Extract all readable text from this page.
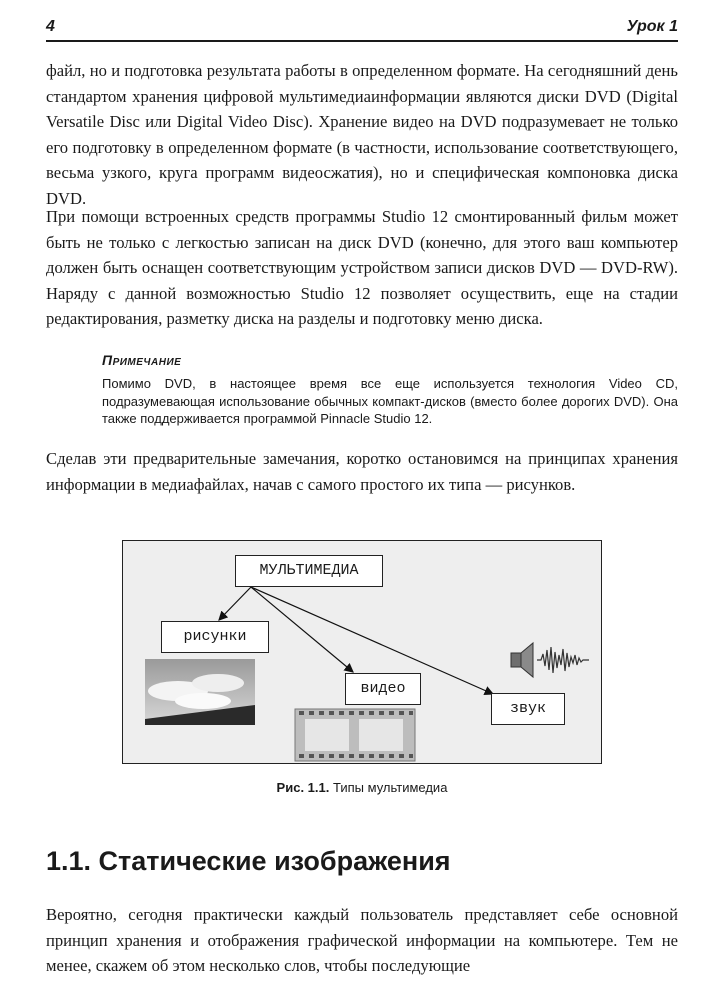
4	Урок 1

файл, но и подготовка результата работы в определенном формате. На сегодняшний день стандартом хранения цифровой мультимедиаинформации являются диски DVD (Digital Versatile Disc или Digital Video Disc). Хранение видео на DVD подразумевает не только его подготовку в определенном формате (в частности, использование соответствующего, весьма узкого, круга программ видеосжатия), но и специфическая компоновка диска DVD.

При помощи встроенных средств программы Studio 12 смонтированный фильм может быть не только с легкостью записан на диск DVD (конечно, для этого ваш компьютер должен быть оснащен соответствующим устройством записи дисков DVD — DVD-RW). Наряду с данной возможностью Studio 12 позволяет осуществить, еще на стадии редактирования, разметку диска на разделы и подготовку меню диска.

Примечание

Помимо DVD, в настоящее время все еще используется технология Video CD, подразумевающая использование обычных компакт-дисков (вместо более дорогих DVD). Она также поддерживается программой Pinnacle Studio 12.

Сделав эти предварительные замечания, коротко остановимся на принципах хранения информации в медиафайлах, начав с самого простого их типа — рисунков.

МУЛЬТИМЕДИА
рисунки
видео
звук
Рис. 1.1. Типы мультимедиа
1.1. Статические изображения

Вероятно, сегодня практически каждый пользователь представляет себе основной принцип хранения и отображения графической информации на компьютере. Тем не менее, скажем об этом несколько слов, чтобы последующие
